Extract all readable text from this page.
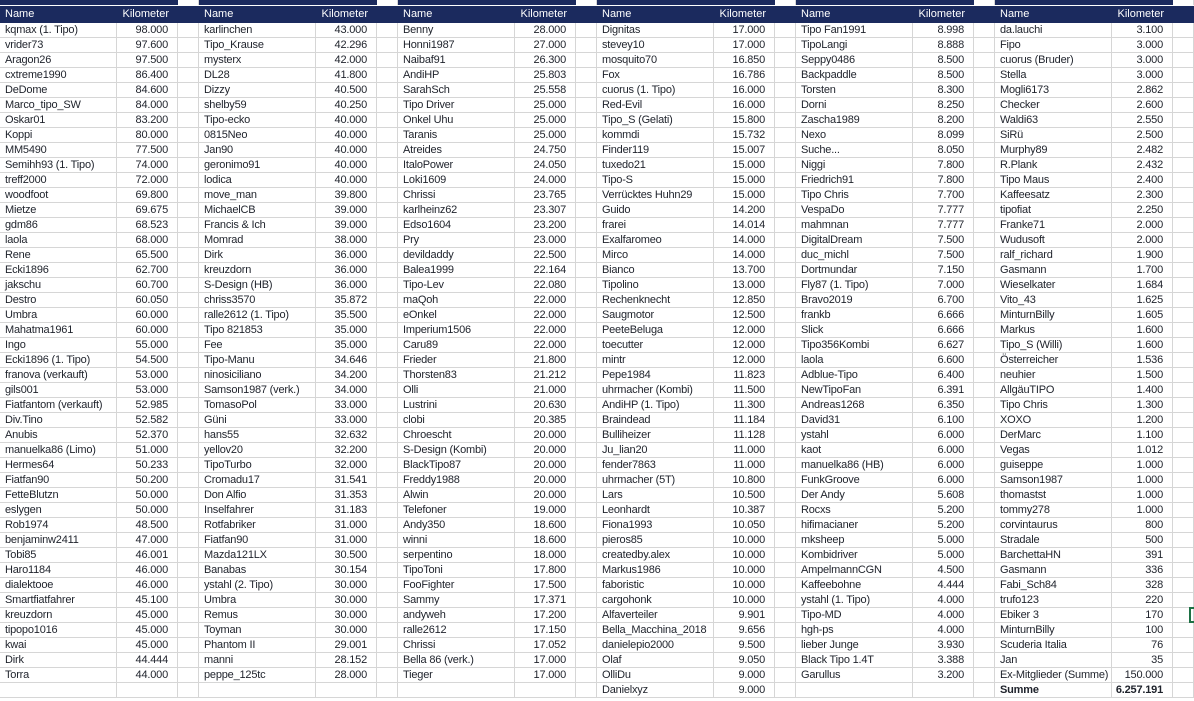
Name	Kilometer
kqmax (1. Tipo)	98.000
vrider73	97.600
Aragon26	97.500
cxtreme1990	86.400
DeDome	84.600
Marco_tipo_SW	84.000
Oskar01	83.200
Koppi	80.000
MM5490	77.500
Semihh93 (1. Tipo)	74.000
treff2000	72.000
woodfoot	69.800
Mietze	69.675
gdm86	68.523
laola	68.000
Rene	65.500
Ecki1896	62.700
jakschu	60.700
Destro	60.050
Umbra	60.000
Mahatma1961	60.000
Ingo	55.000
Ecki1896 (1. Tipo)	54.500
franova (verkauft)	53.000
gils001	53.000
Fiatfantom (verkauft)	52.985
Div.Tino	52.582
Anubis	52.370
manuelka86 (Limo)	51.000
Hermes64	50.233
Fiatfan90	50.200
FetteBlutzn	50.000
eslygen	50.000
Rob1974	48.500
benjaminw2411	47.000
Tobi85	46.001
Haro1184	46.000
dialektooe	46.000
Smartfiatfahrer	45.100
kreuzdorn	45.000
tipopo1016	45.000
kwai	45.000
Dirk	44.444
Torra	44.000
Name	Kilometer
karlinchen	43.000
Tipo_Krause	42.296
mysterx	42.000
DL28	41.800
Dizzy	40.500
shelby59	40.250
Tipo-ecko	40.000
0815Neo	40.000
Jan90	40.000
geronimo91	40.000
lodica	40.000
move_man	39.800
MichaelCB	39.000
Francis & Ich	39.000
Momrad	38.000
Dirk	36.000
kreuzdorn	36.000
S-Design (HB)	36.000
chriss3570	35.872
ralle2612 (1. Tipo)	35.500
Tipo 821853	35.000
Fee	35.000
Tipo-Manu	34.646
ninosiciliano	34.200
Samson1987 (verk.)	34.000
TomasoPol	33.000
Güni	33.000
hans55	32.632
yellov20	32.200
TipoTurbo	32.000
Cromadu17	31.541
Don Alfio	31.353
Inselfahrer	31.183
Rotfabriker	31.000
Fiatfan90	31.000
Mazda121LX	30.500
Banabas	30.154
ystahl (2. Tipo)	30.000
Umbra	30.000
Remus	30.000
Toyman	30.000
Phantom II	29.001
manni	28.152
peppe_125tc	28.000
Name	Kilometer
Benny	28.000
Honni1987	27.000
Naibaf91	26.300
AndiHP	25.803
SarahSch	25.558
Tipo Driver	25.000
Onkel Uhu	25.000
Taranis	25.000
Atreides	24.750
ItaloPower	24.050
Loki1609	24.000
Chrissi	23.765
karlheinz62	23.307
Edso1604	23.200
Pry	23.000
devildaddy	22.500
Balea1999	22.164
Tipo-Lev	22.080
maQoh	22.000
eOnkel	22.000
Imperium1506	22.000
Caru89	22.000
Frieder	21.800
Thorsten83	21.212
Olli	21.000
Lustrini	20.630
clobi	20.385
Chroescht	20.000
S-Design (Kombi)	20.000
BlackTipo87	20.000
Freddy1988	20.000
Alwin	20.000
Telefoner	19.000
Andy350	18.600
winni	18.600
serpentino	18.000
TipoToni	17.800
FooFighter	17.500
Sammy	17.371
andyweh	17.200
ralle2612	17.150
Chrissi	17.052
Bella 86 (verk.)	17.000
Tieger	17.000
Name	Kilometer
Dignitas	17.000
stevey10	17.000
mosquito70	16.850
Fox	16.786
cuorus (1. Tipo)	16.000
Red-Evil	16.000
Tipo_S (Gelati)	15.800
kommdi	15.732
Finder119	15.007
tuxedo21	15.000
Tipo-S	15.000
Verrücktes Huhn29	15.000
Guido	14.200
frarei	14.014
Exalfaromeo	14.000
Mirco	14.000
Bianco	13.700
Tipolino	13.000
Rechenknecht	12.850
Saugmotor	12.500
PeeteBeluga	12.000
toecutter	12.000
mintr	12.000
Pepe1984	11.823
uhrmacher (Kombi)	11.500
AndiHP (1. Tipo)	11.300
Braindead	11.184
Bulliheizer	11.128
Ju_lian20	11.000
fender7863	11.000
uhrmacher (5T)	10.800
Lars	10.500
Leonhardt	10.387
Fiona1993	10.050
pieros85	10.000
createdby.alex	10.000
Markus1986	10.000
faboristic	10.000
cargohonk	10.000
Alfaverteiler	9.901
Bella_Macchina_2018	9.656
danielepio2000	9.500
Olaf	9.050
OlliDu	9.000
Danielxyz	9.000
Name	Kilometer
Tipo Fan1991	8.998
TipoLangi	8.888
Seppy0486	8.500
Backpaddle	8.500
Torsten	8.300
Dorni	8.250
Zascha1989	8.200
Nexo	8.099
Suche...	8.050
Niggi	7.800
Friedrich91	7.800
Tipo Chris	7.700
VespaDo	7.777
mahmnan	7.777
DigitalDream	7.500
duc_michl	7.500
Dortmundar	7.150
Fly87 (1. Tipo)	7.000
Bravo2019	6.700
frankb	6.666
Slick	6.666
Tipo356Kombi	6.627
laola	6.600
Adblue-Tipo	6.400
NewTipoFan	6.391
Andreas1268	6.350
David31	6.100
ystahl	6.000
kaot	6.000
manuelka86 (HB)	6.000
FunkGroove	6.000
Der Andy	5.608
Rocxs	5.200
hifimacianer	5.200
mksheep	5.000
Kombidriver	5.000
AmpelmannCGN	4.500
Kaffeebohne	4.444
ystahl (1. Tipo)	4.000
Tipo-MD	4.000
hgh-ps	4.000
lieber Junge	3.930
Black Tipo 1.4T	3.388
Garullus	3.200
Name	Kilometer
da.lauchi	3.100
Fipo	3.000
cuorus (Bruder)	3.000
Stella	3.000
Mogli6173	2.862
Checker	2.600
Waldi63	2.550
SiRü	2.500
Murphy89	2.482
R.Plank	2.432
Tipo Maus	2.400
Kaffeesatz	2.300
tipofiat	2.250
Franke71	2.000
Wudusoft	2.000
ralf_richard	1.900
Gasmann	1.700
Wieselkater	1.684
Vito_43	1.625
MinturnBilly	1.605
Markus	1.600
Tipo_S (Willi)	1.600
Österreicher	1.536
neuhier	1.500
AllgäuTIPO	1.400
Tipo Chris	1.300
XOXO	1.200
DerMarc	1.100
Vegas	1.012
guiseppe	1.000
Samson1987	1.000
thomastst	1.000
tommy278	1.000
corvintaurus	800
Stradale	500
BarchettaHN	391
Gasmann	336
Fabi_Sch84	328
trufo123	220
Ebiker 3	170
MinturnBilly	100
Scuderia Italia	76
Jan	35
Ex-Mitglieder (Summe)	150.000
Summe	6.257.191
